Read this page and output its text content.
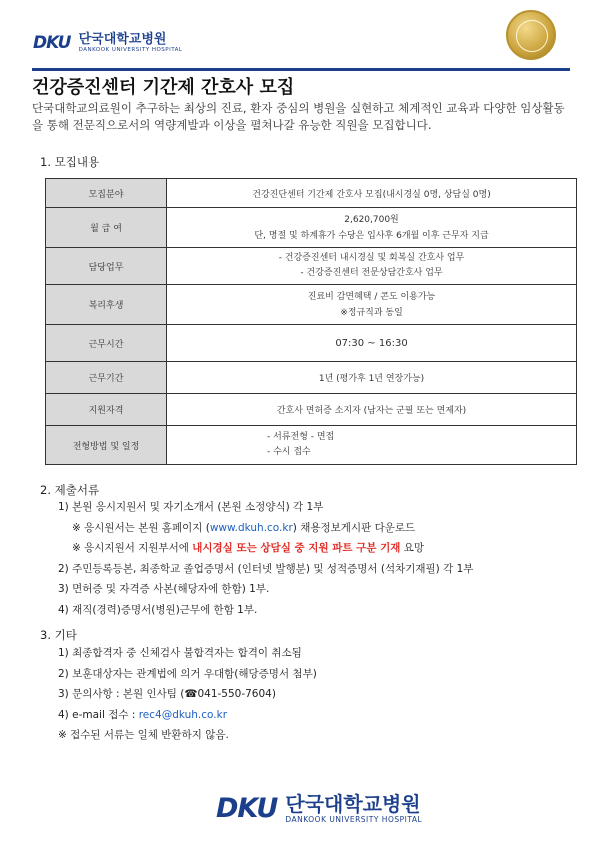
DKU 단국대학교병원
DANKOOK UNIVERSITY HOSPITAL
건강증진센터 기간제 간호사 모집
단국대학교의료원이 추구하는 최상의 진료, 환자 중심의 병원을 실현하고 체계적인 교육과 다양한 임상활동을 통해 전문직으로서의 역량계발과 이상을 펼쳐나갈 유능한 직원을 모집합니다.
1. 모집내용
모집분야	건강진단센터 기간제 간호사 모집(내시경실 0명, 상담실 0명)

월 급 여	2,620,700원
단, 명절 및 하계휴가 수당은 입사후 6개월 이후 근무자 지급

담당업무	- 건강증진센터 내시경실 및 회복실 간호사 업무
- 건강증진센터 전문상담간호사 업무

복리후생	진료비 감면혜택 / 콘도 이용가능
※정규직과 동일

근무시간	07:30 ~ 16:30

근무기간	1년 (평가후 1년 연장가능)

지원자격	간호사 면허증 소지자 (남자는 군필 또는 면제자)

전형방법 및 일정	- 서류전형 - 면접
- 수시 접수
2. 제출서류
1) 본원 응시지원서 및 자기소개서 (본원 소정양식) 각 1부
※ 응시원서는 본원 홈페이지 (www.dkuh.co.kr) 채용정보게시판 다운로드
※ 응시지원서 지원부서에 내시경실 또는 상담실 중 지원 파트 구분 기재 요망
2) 주민등록등본, 최종학교 졸업증명서 (인터넷 발행분) 및 성적증명서 (석차기재필) 각 1부
3) 면허증 및 자격증 사본(해당자에 한함) 1부.
4) 재직(경력)증명서(병원)근무에 한함 1부.
3. 기타
1) 최종합격자 중 신체검사 불합격자는 합격이 취소됨
2) 보훈대상자는 관계법에 의거 우대함(해당증명서 첨부)
3) 문의사항 : 본원 인사팀 (☎041-550-7604)
4) e-mail 접수 : rec4@dkuh.co.kr
※ 접수된 서류는 일체 반환하지 않음.
DKU 단국대학교병원
DANKOOK UNIVERSITY HOSPITAL
